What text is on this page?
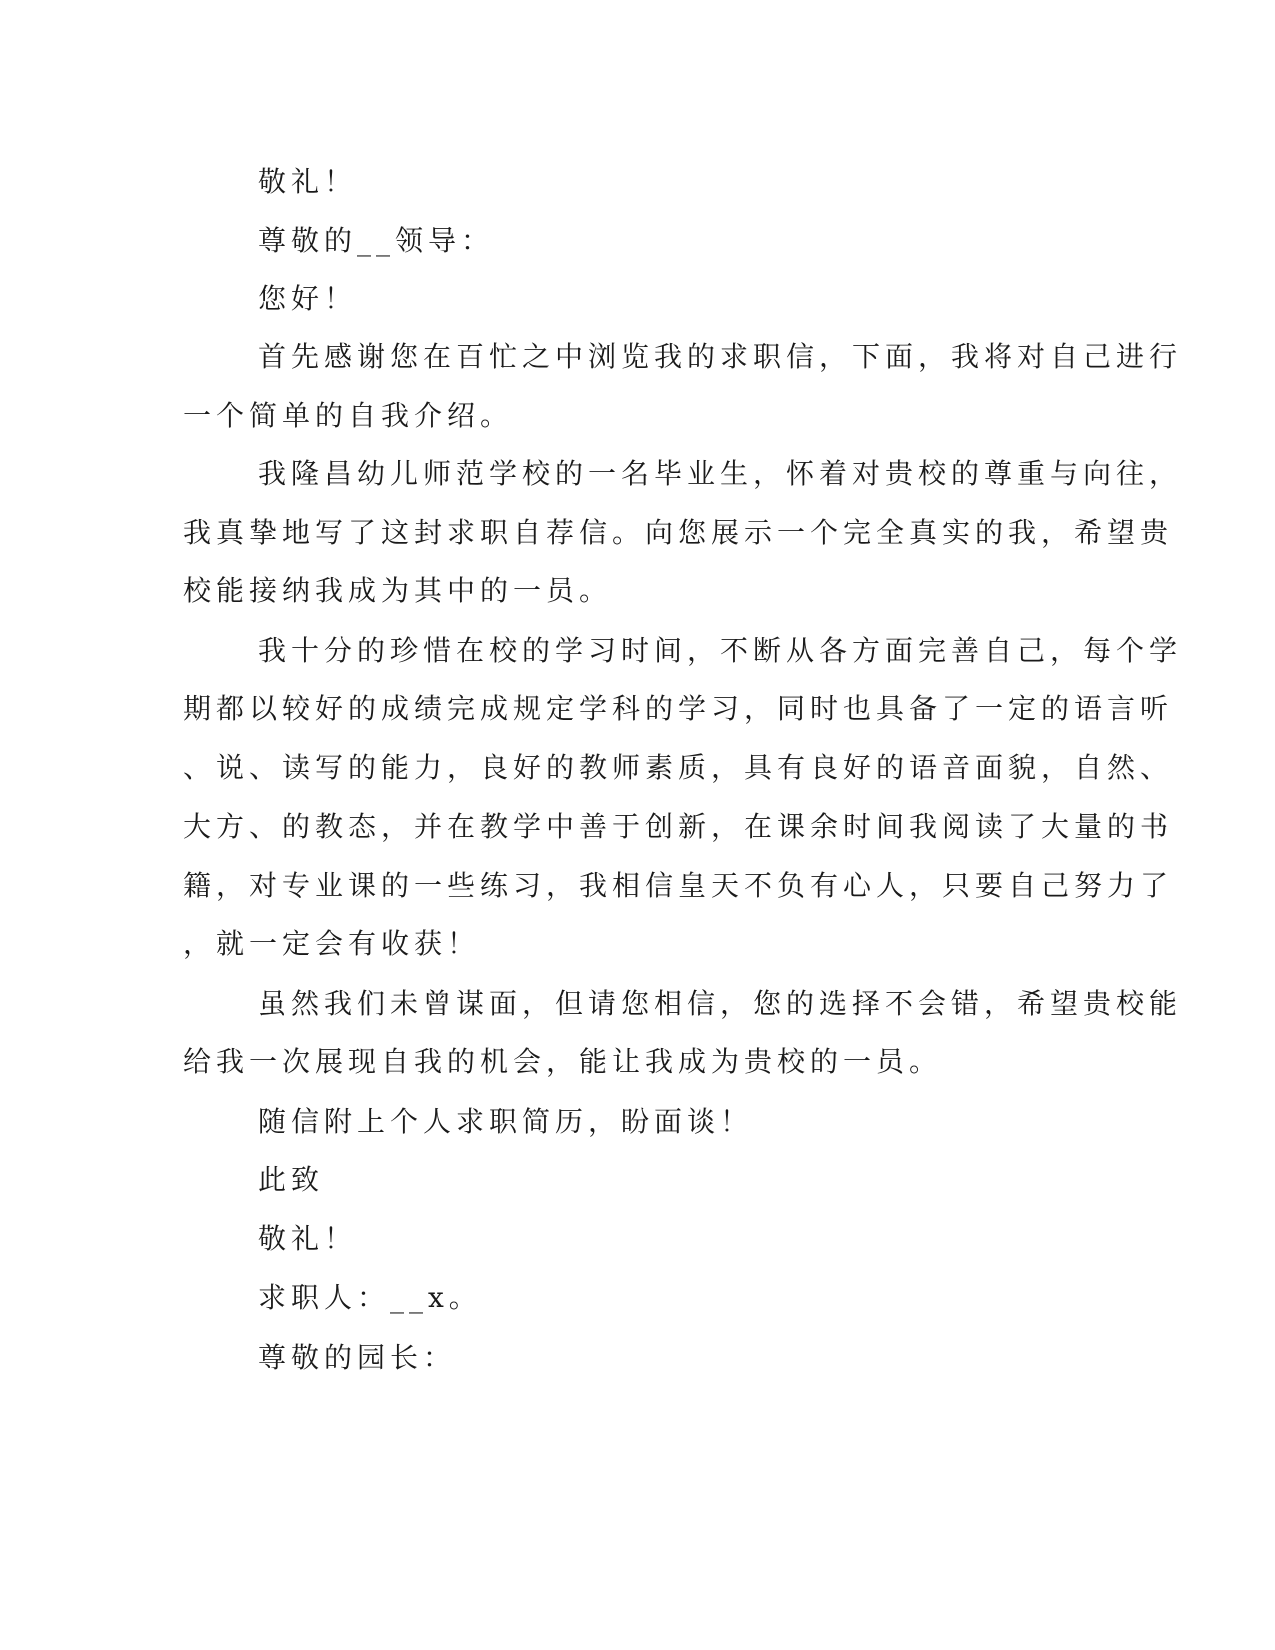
敬礼！
尊敬的__领导：
您好！
首先感谢您在百忙之中浏览我的求职信，下面，我将对自己进行
一个简单的自我介绍。
我隆昌幼儿师范学校的一名毕业生，怀着对贵校的尊重与向往，
我真挚地写了这封求职自荐信。向您展示一个完全真实的我，希望贵
校能接纳我成为其中的一员。
我十分的珍惜在校的学习时间，不断从各方面完善自己，每个学
期都以较好的成绩完成规定学科的学习，同时也具备了一定的语言听
、说、读写的能力，良好的教师素质，具有良好的语音面貌，自然、
大方、的教态，并在教学中善于创新，在课余时间我阅读了大量的书
籍，对专业课的一些练习，我相信皇天不负有心人，只要自己努力了
，就一定会有收获！
虽然我们未曾谋面，但请您相信，您的选择不会错，希望贵校能
给我一次展现自我的机会，能让我成为贵校的一员。
随信附上个人求职简历，盼面谈！
此致
敬礼！
求职人：__x。
尊敬的园长：
